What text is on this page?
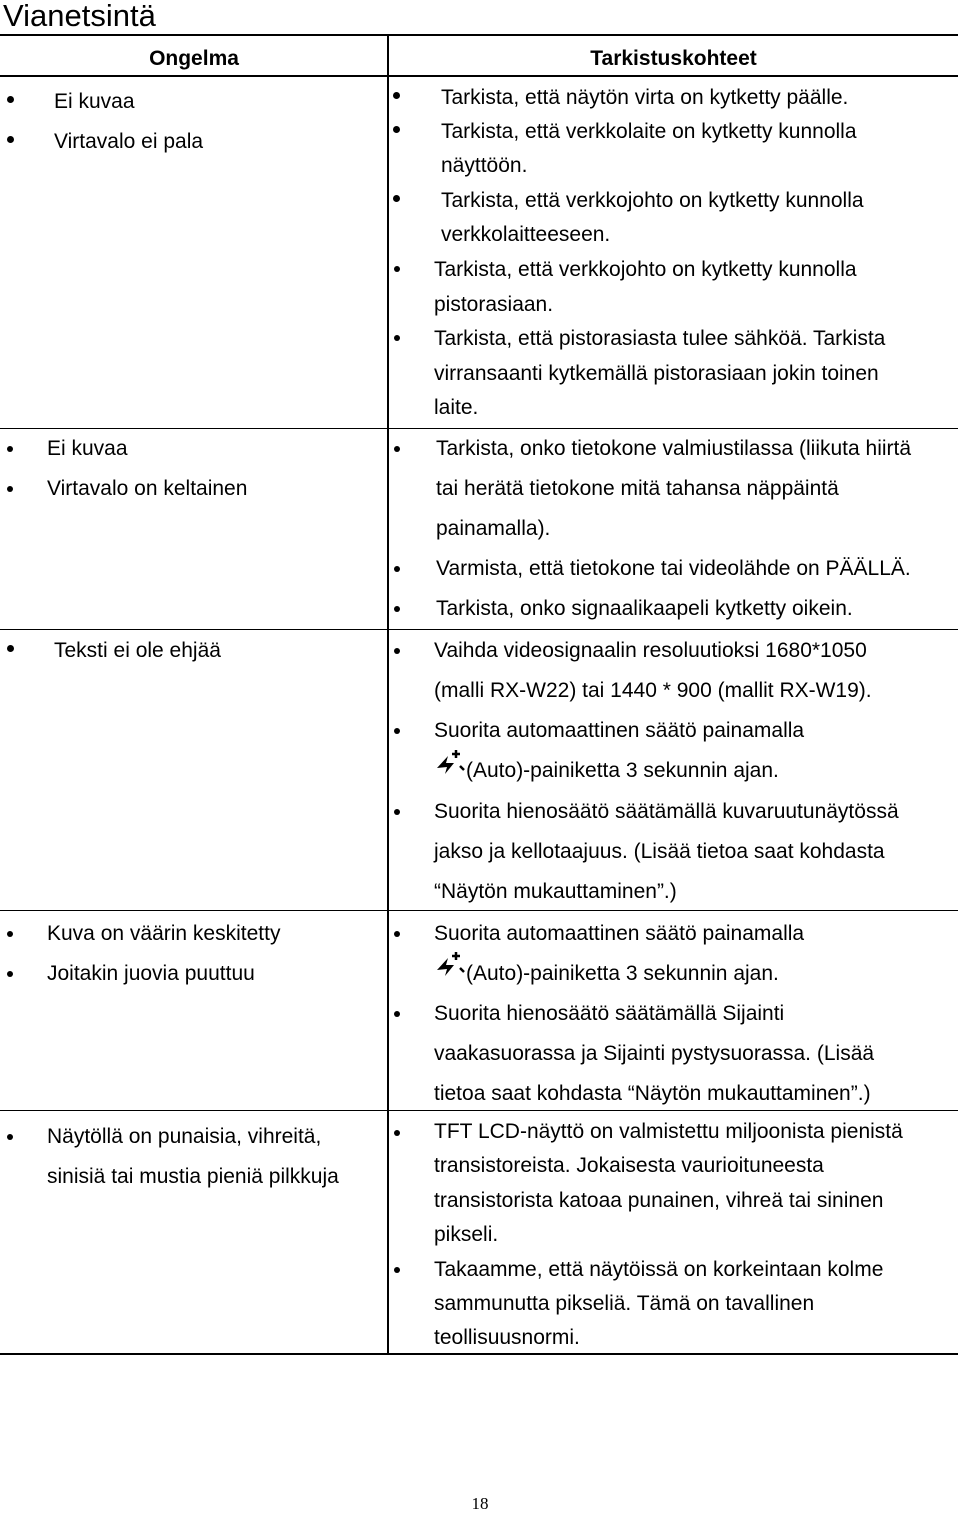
Vianetsintä
Ongelma	Tarkistuskohteet
Ei kuvaa
Virtavalo ei pala
Tarkista, että näytön virta on kytketty päälle.
Tarkista, että verkkolaite on kytketty kunnolla
näyttöön.
Tarkista, että verkkojohto on kytketty kunnolla
verkkolaitteeseen.
Tarkista, että verkkojohto on kytketty kunnolla
pistorasiaan.
Tarkista, että pistorasiasta tulee sähköä. Tarkista
virransaanti kytkemällä pistorasiaan jokin toinen
laite.
Ei kuvaa
Virtavalo on keltainen
Tarkista, onko tietokone valmiustilassa (liikuta hiirtä
tai herätä tietokone mitä tahansa näppäintä
painamalla).
Varmista, että tietokone tai videolähde on PÄÄLLÄ.
Tarkista, onko signaalikaapeli kytketty oikein.
Teksti ei ole ehjää	Vaihda videosignaalin resoluutioksi 1680*1050
(malli RX-W22) tai 1440 * 900 (mallit RX-W19).
Suorita automaattinen säätö painamalla
(Auto)-painiketta 3 sekunnin ajan.
Suorita hienosäätö säätämällä kuvaruutunäytössä
jakso ja kellotaajuus. (Lisää tietoa saat kohdasta
“Näytön mukauttaminen”.)
Kuva on väärin keskitetty
Joitakin juovia puuttuu
Suorita automaattinen säätö painamalla
(Auto)-painiketta 3 sekunnin ajan.
Suorita hienosäätö säätämällä Sijainti
vaakasuorassa ja Sijainti pystysuorassa. (Lisää
tietoa saat kohdasta “Näytön mukauttaminen”.)
Näytöllä on punaisia, vihreitä,
sinisiä tai mustia pieniä pilkkuja
TFT LCD-näyttö on valmistettu miljoonista pienistä
transistoreista. Jokaisesta vaurioituneesta
transistorista katoaa punainen, vihreä tai sininen
pikseli.
Takaamme, että näytöissä on korkeintaan kolme
sammunutta pikseliä. Tämä on tavallinen
teollisuusnormi.
18
